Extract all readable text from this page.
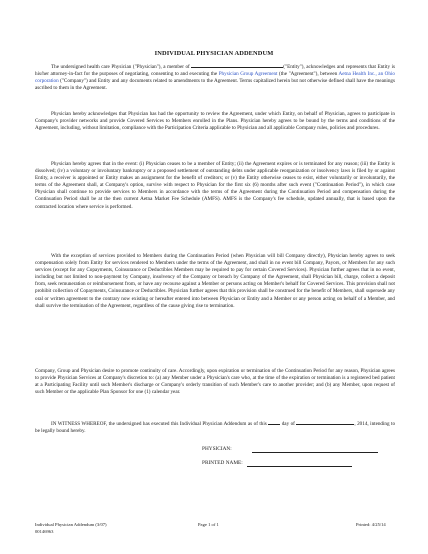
INDIVIDUAL PHYSICIAN ADDENDUM

The undersigned health care Physician ("Physician"), a member of	("Entity"), acknowledges and represents that Entity is his/her attorney-in-fact for the purposes of negotiating, consenting to and executing the Physician Group Agreement (the "Agreement"), between Aetna Health Inc., an Ohio corporation ("Company") and Entity and any documents related to amendments to the Agreement. Terms capitalized herein but not otherwise defined shall have the meanings ascribed to them in the Agreement.

Physician hereby acknowledges that Physician has had the opportunity to review the Agreement, under which Entity, on behalf of Physician, agrees to participate in Company's provider networks and provide Covered Services to Members enrolled in the Plans. Physician hereby agrees to be bound by the terms and conditions of the Agreement, including, without limitation, compliance with the Participation Criteria applicable to Physician and all applicable Company rules, policies and procedures.

Physician hereby agrees that in the event: (i) Physician ceases to be a member of Entity; (ii) the Agreement expires or is terminated for any reason; (iii) the Entity is dissolved; (iv) a voluntary or involuntary bankruptcy or a proposed settlement of outstanding debts under applicable reorganization or insolvency laws is filed by or against Entity, a receiver is appointed or Entity makes an assignment for the benefit of creditors; or (v) the Entity otherwise ceases to exist, either voluntarily or involuntarily, the terms of the Agreement shall, at Company's option, survive with respect to Physician for the first six (6) months after such event ("Continuation Period"), in which case Physician shall continue to provide services to Members in accordance with the terms of the Agreement during the Continuation Period and compensation during the Continuation Period shall be at the then current Aetna Market Fee Schedule (AMFS). AMFS is the Company's fee schedule, updated annually, that is based upon the contracted location where service is performed.

With the exception of services provided to Members during the Continuation Period (when Physician will bill Company directly), Physician hereby agrees to seek compensation solely from Entity for services rendered to Members under the terms of the Agreement, and shall in no event bill Company, Payors, or Members for any such services (except for any Copayments, Coinsurance or Deductibles Members may be required to pay for certain Covered Services). Physician further agrees that in no event, including but not limited to non-payment by Company, insolvency of the Company or breach by Company of the Agreement, shall Physician bill, charge, collect a deposit from, seek remuneration or reimbursement from, or have any recourse against a Member or persons acting on Member's behalf for Covered Services. This provision shall not prohibit collection of Copayments, Coinsurance or Deductibles. Physician further agrees that this provision shall be construed for the benefit of Members, shall supersede any oral or written agreement to the contrary now existing or hereafter entered into between Physician or Entity and a Member or any person acting on behalf of a Member, and shall survive the termination of the Agreement, regardless of the cause giving rise to termination.

Company, Group and Physician desire to promote continuity of care. Accordingly, upon expiration or termination of the Continuation Period for any reason, Physician agrees to provide Physician Services at Company's discretion to: (a) any Member under a Physician's care who, at the time of the expiration or termination is a registered bed patient at a Participating Facility until such Member's discharge or Company's orderly transition of such Member's care to another provider; and (b) any Member, upon request of such Member or the applicable Plan Sponsor for one (1) calendar year.

IN WITNESS WHEREOF, the undersigned has executed this Individual Physician Addendum as of this	day of	, 2014, intending to be legally bound hereby.

PHYSICIAN:
PRINTED NAME:
Individual Physician Addendum (3/07)
00146963
Page 1 of 1	Printed: 4/25/14
